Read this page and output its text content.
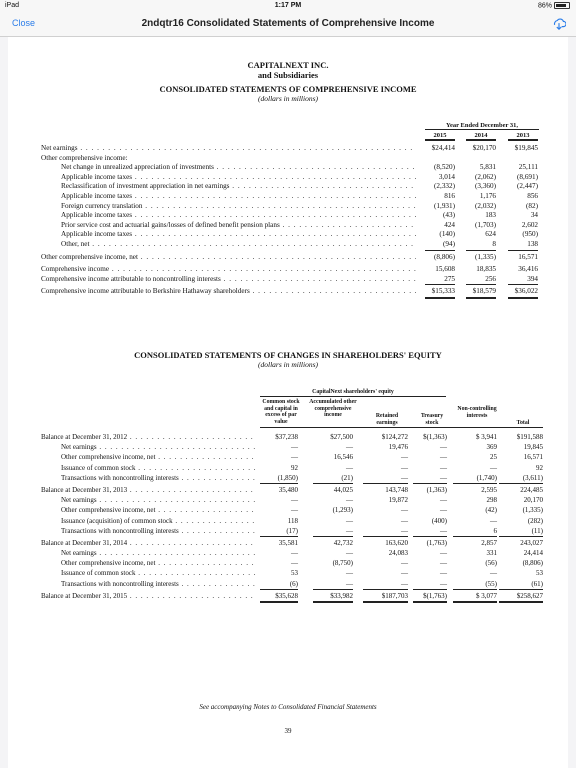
iPad	1:17 PM	86%
Close	2ndqtr16 Consolidated Statements of Comprehensive Income
CAPITALNEXT INC.
and Subsidiaries
CONSOLIDATED STATEMENTS OF COMPREHENSIVE INCOME
(dollars in millions)
Year Ended December 31,
2015	2014	2013
Net earnings . . .	$24,414	$20,170	$19,845
Other comprehensive income:
Net change in unrealized appreciation of investments . . .	(8,520)	5,831	25,111
Applicable income taxes . . .	3,014	(2,062)	(8,691)
Reclassification of investment appreciation in net earnings . . .	(2,332)	(3,360)	(2,447)
Applicable income taxes . . .	816	1,176	856
Foreign currency translation . . .	(1,931)	(2,032)	(82)
Applicable income taxes . . .	(43)	183	34
Prior service cost and actuarial gains/losses of defined benefit pension plans . . .	424	(1,703)	2,602
Applicable income taxes . . .	(140)	624	(950)
Other, net . . .	(94)	8	138
Other comprehensive income, net . . .	(8,806)	(1,335)	16,571
Comprehensive income . . .	15,608	18,835	36,416
Comprehensive income attributable to noncontrolling interests . . .	275	256	394
Comprehensive income attributable to Berkshire Hathaway shareholders . . .	$15,333	$18,579	$36,022
CONSOLIDATED STATEMENTS OF CHANGES IN SHAREHOLDERS' EQUITY
(dollars in millions)
CapitalNext shareholders' equity
Common stock and capital in excess of par value
Accumulated other comprehensive income	Retained earnings
Treasury stock
Non-controlling interests
Total
Balance at December 31, 2012 . . .	$37,238	$27,500	$124,272	$(1,363)	$ 3,941	$191,588
Net earnings . . .	—	—	19,476	—	369	19,845
Other comprehensive income, net . . .	—	16,546	—	—	25	16,571
Issuance of common stock . . .	92	—	—	—	—	92
Transactions with noncontrolling interests . . .	(1,850)	(21)	—	—	(1,740)	(3,611)
Balance at December 31, 2013 . . .	35,480	44,025	143,748	(1,363)	2,595	224,485
Net earnings . . .	—	—	19,872	—	298	20,170
Other comprehensive income, net . . .	—	(1,293)	—	—	(42)	(1,335)
Issuance (acquisition) of common stock . . .	118	—	—	(400)	—	(282)
Transactions with noncontrolling interests . . .	(17)	—	—	—	6	(11)
Balance at December 31, 2014 . . .	35,581	42,732	163,620	(1,763)	2,857	243,027
Net earnings . . .	—	—	24,083	—	331	24,414
Other comprehensive income, net . . .	—	(8,750)	—	—	(56)	(8,806)
Issuance of common stock . . .	53	—	—	—	—	53
Transactions with noncontrolling interests . . .	(6)	—	—	—	(55)	(61)
Balance at December 31, 2015 . . .	$35,628	$33,982	$187,703	$(1,763)	$ 3,077	$258,627
See accompanying Notes to Consolidated Financial Statements
39
